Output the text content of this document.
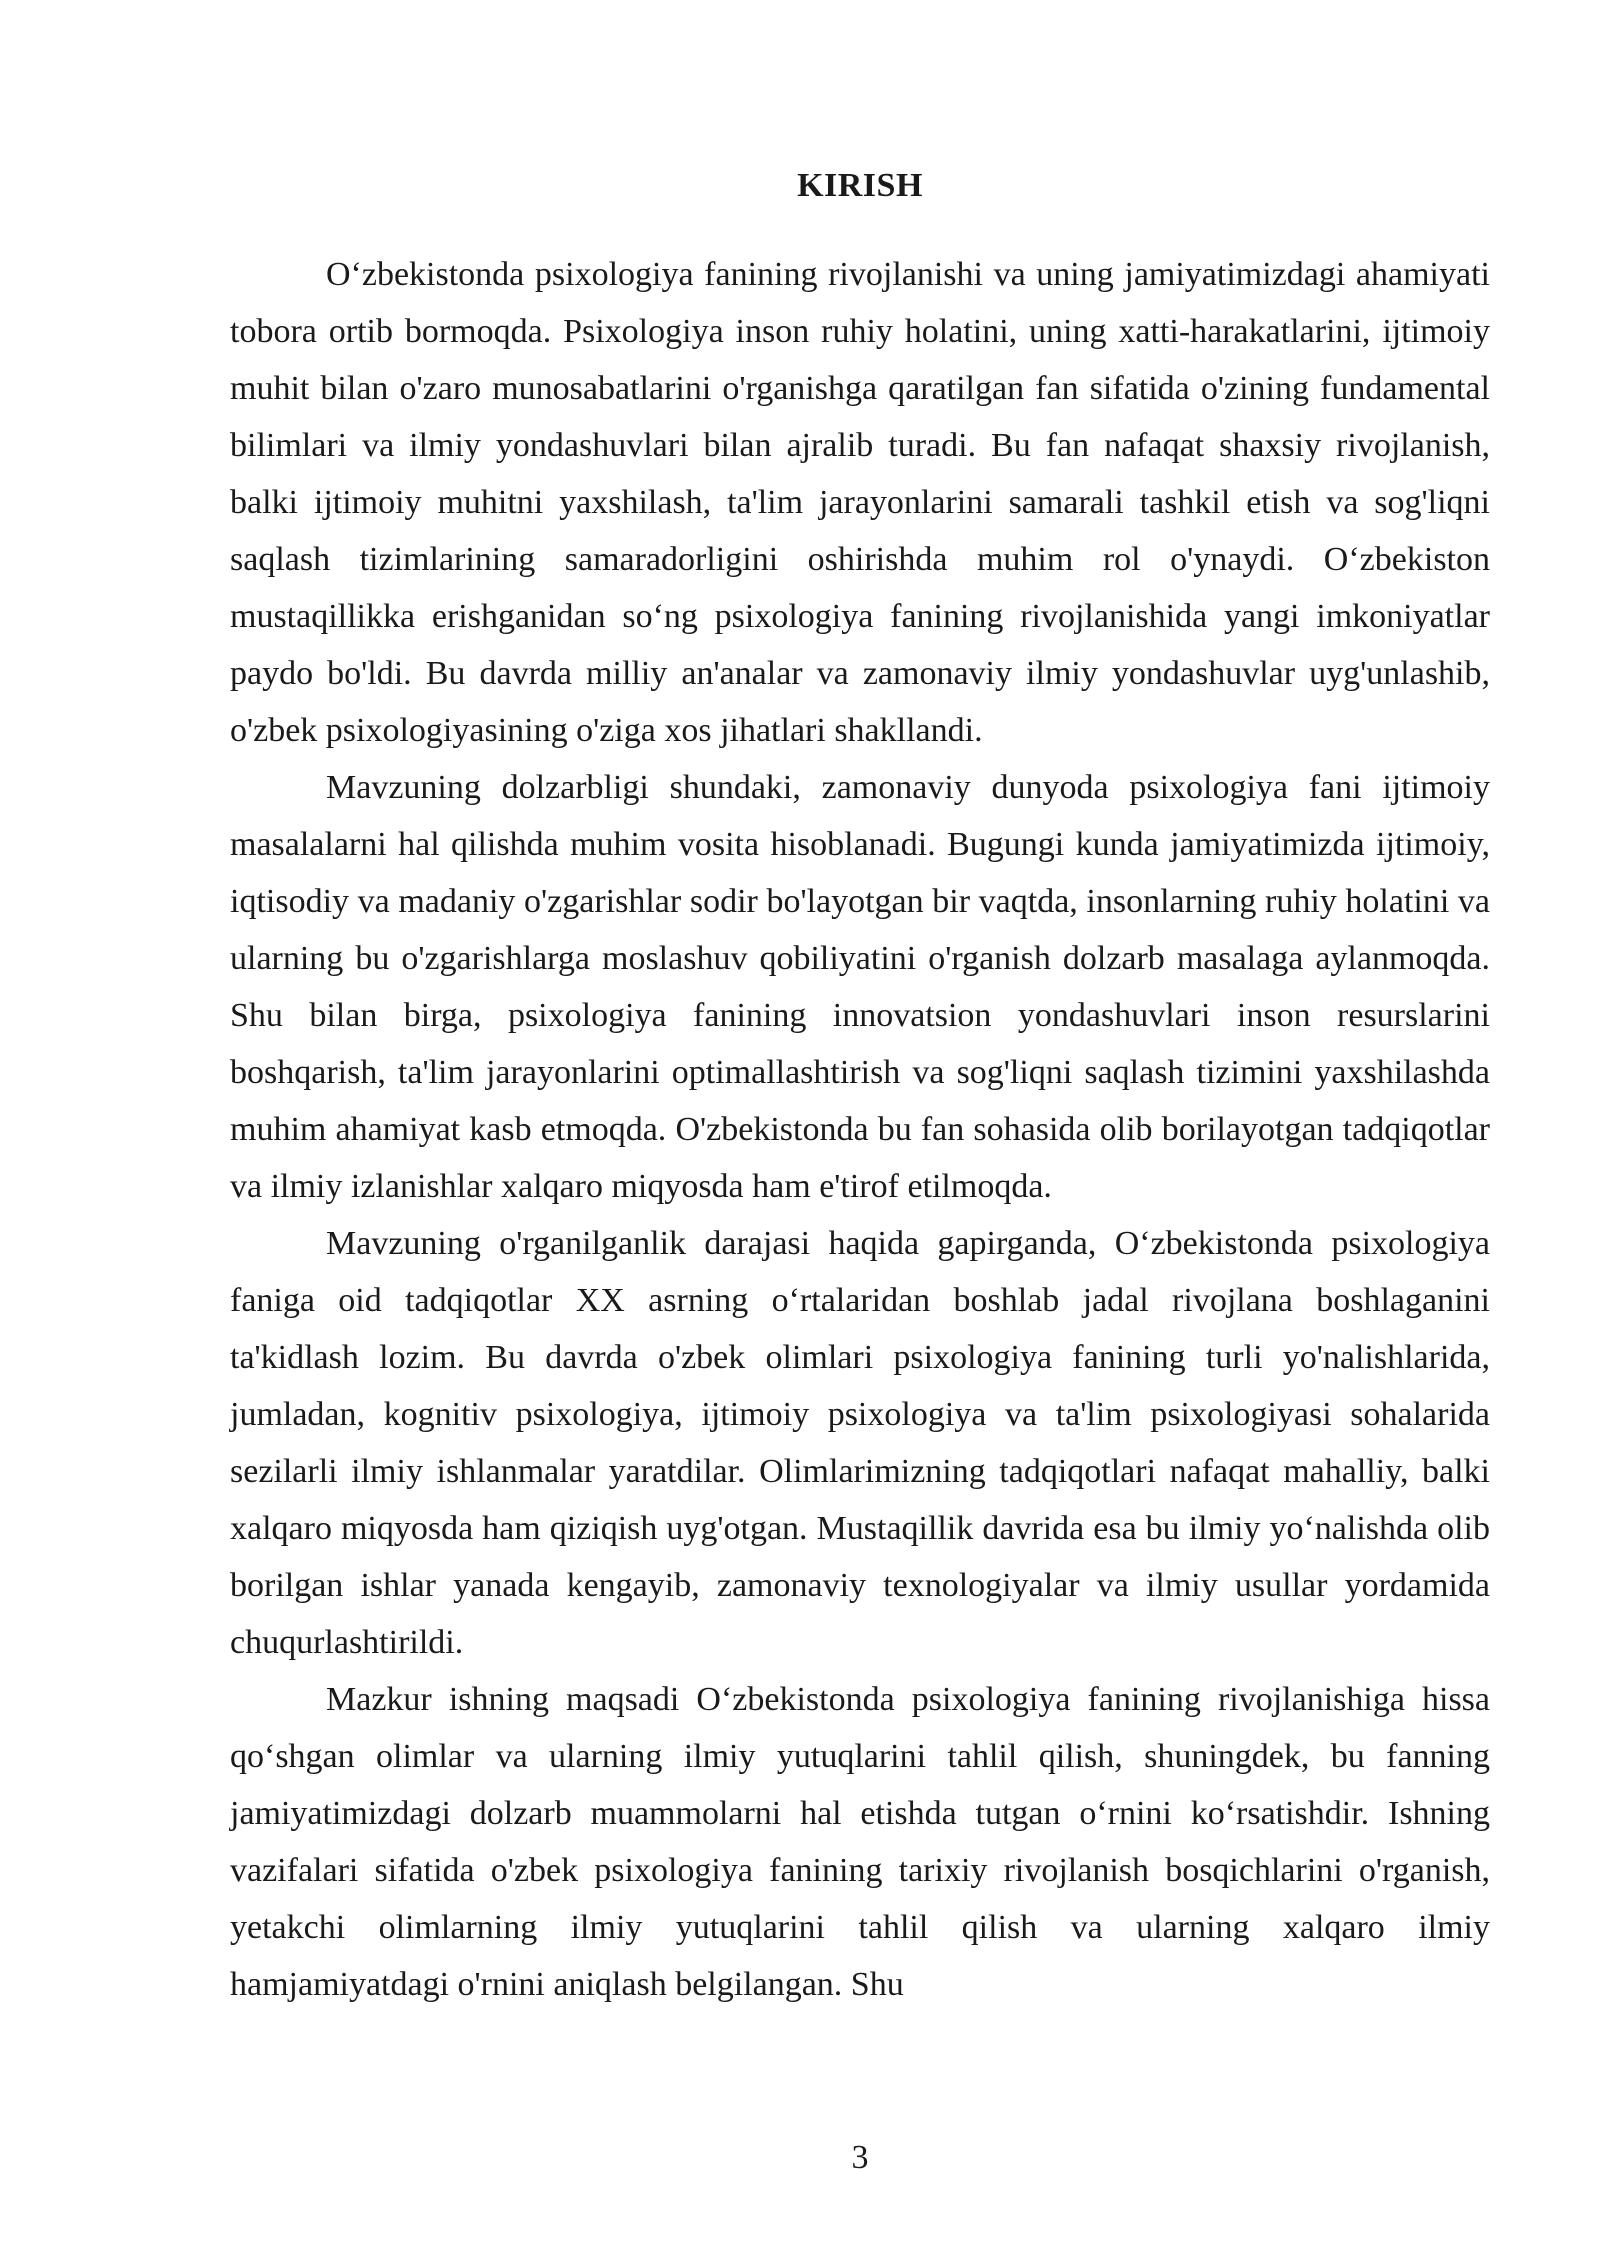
KIRISH

O‘zbekistonda psixologiya fanining rivojlanishi va uning jamiyatimizdagi ahamiyati tobora ortib bormoqda. Psixologiya inson ruhiy holatini, uning xatti-harakatlarini, ijtimoiy muhit bilan o'zaro munosabatlarini o'rganishga qaratilgan fan sifatida o'zining fundamental bilimlari va ilmiy yondashuvlari bilan ajralib turadi. Bu fan nafaqat shaxsiy rivojlanish, balki ijtimoiy muhitni yaxshilash, ta'lim jarayonlarini samarali tashkil etish va sog'liqni saqlash tizimlarining samaradorligini oshirishda muhim rol o'ynaydi. O‘zbekiston mustaqillikka erishganidan so‘ng psixologiya fanining rivojlanishida yangi imkoniyatlar paydo bo'ldi. Bu davrda milliy an'analar va zamonaviy ilmiy yondashuvlar uyg'unlashib, o'zbek psixologiyasining o'ziga xos jihatlari shakllandi.

Mavzuning dolzarbligi shundaki, zamonaviy dunyoda psixologiya fani ijtimoiy masalalarni hal qilishda muhim vosita hisoblanadi. Bugungi kunda jamiyatimizda ijtimoiy, iqtisodiy va madaniy o'zgarishlar sodir bo'layotgan bir vaqtda, insonlarning ruhiy holatini va ularning bu o'zgarishlarga moslashuv qobiliyatini o'rganish dolzarb masalaga aylanmoqda. Shu bilan birga, psixologiya fanining innovatsion yondashuvlari inson resurslarini boshqarish, ta'lim jarayonlarini optimallashtirish va sog'liqni saqlash tizimini yaxshilashda muhim ahamiyat kasb etmoqda. O'zbekistonda bu fan sohasida olib borilayotgan tadqiqotlar va ilmiy izlanishlar xalqaro miqyosda ham e'tirof etilmoqda.

Mavzuning o'rganilganlik darajasi haqida gapirganda, O‘zbekistonda psixologiya faniga oid tadqiqotlar XX asrning o‘rtalaridan boshlab jadal rivojlana boshlaganini ta'kidlash lozim. Bu davrda o'zbek olimlari psixologiya fanining turli yo'nalishlarida, jumladan, kognitiv psixologiya, ijtimoiy psixologiya va ta'lim psixologiyasi sohalarida sezilarli ilmiy ishlanmalar yaratdilar. Olimlarimizning tadqiqotlari nafaqat mahalliy, balki xalqaro miqyosda ham qiziqish uyg'otgan. Mustaqillik davrida esa bu ilmiy yo‘nalishda olib borilgan ishlar yanada kengayib, zamonaviy texnologiyalar va ilmiy usullar yordamida chuqurlashtirildi.

Mazkur ishning maqsadi O‘zbekistonda psixologiya fanining rivojlanishiga hissa qo‘shgan olimlar va ularning ilmiy yutuqlarini tahlil qilish, shuningdek, bu fanning jamiyatimizdagi dolzarb muammolarni hal etishda tutgan o‘rnini ko‘rsatishdir. Ishning vazifalari sifatida o'zbek psixologiya fanining tarixiy rivojlanish bosqichlarini o'rganish, yetakchi olimlarning ilmiy yutuqlarini tahlil qilish va ularning xalqaro ilmiy hamjamiyatdagi o'rnini aniqlash belgilangan. Shu

3
